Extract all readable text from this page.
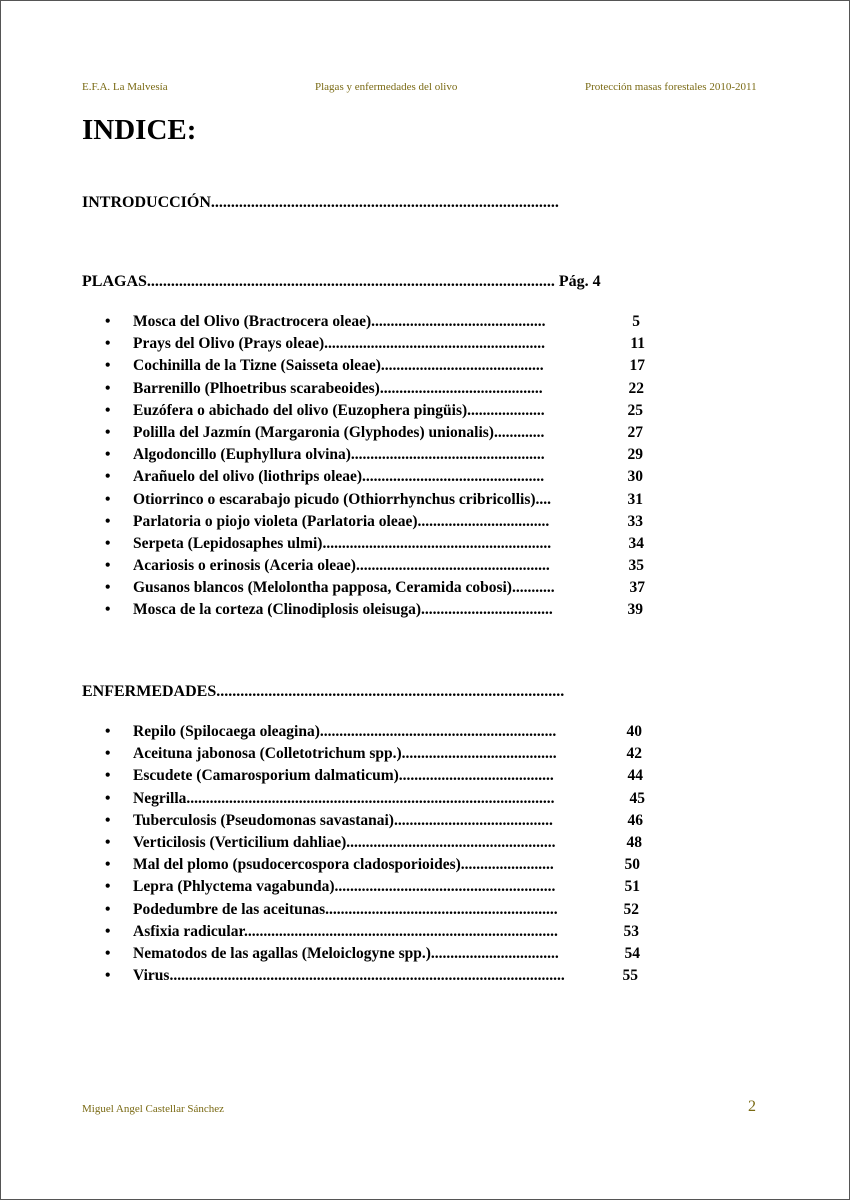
E.F.A. La Malvesía	Plagas y enfermedades del olivo	Protección masas forestales 2010-2011
INDICE:
INTRODUCCIÓN.......................................................................................
PLAGAS...................................................................................................... Pág. 4
• Mosca del Olivo (Bractrocera oleae).............................................	5
• Prays del Olivo (Prays oleae).........................................................	11
• Cochinilla de la Tizne (Saisseta oleae)..........................................	17
• Barrenillo (Plhoetribus scarabeoides)..........................................	22
• Euzófera o abichado del olivo (Euzophera pingüis)....................	25
• Polilla del Jazmín (Margaronia (Glyphodes) unionalis).............	27
• Algodoncillo (Euphyllura olvina)..................................................	29
• Arañuelo del olivo (liothrips oleae)...............................................	30
• Otiorrinco o escarabajo picudo (Othiorrhynchus cribricollis)....	31
• Parlatoria o piojo violeta (Parlatoria oleae)..................................	33
• Serpeta (Lepidosaphes ulmi)...........................................................	34
• Acariosis o erinosis (Aceria oleae)..................................................	35
• Gusanos blancos (Melolontha papposa, Ceramida cobosi)...........	37
• Mosca de la corteza (Clinodiplosis oleisuga)..................................	39
ENFERMEDADES.......................................................................................
• Repilo (Spilocaega oleagina).............................................................	40
• Aceituna jabonosa (Colletotrichum spp.)........................................	42
• Escudete (Camarosporium dalmaticum)........................................	44
• Negrilla...............................................................................................	45
• Tuberculosis (Pseudomonas savastanai).........................................	46
• Verticilosis (Verticilium dahliae)......................................................	48
• Mal del plomo (psudocercospora cladosporioides)........................	50
• Lepra (Phlyctema vagabunda).........................................................	51
• Podedumbre de las aceitunas............................................................	52
• Asfixia radicular.................................................................................	53
• Nematodos de las agallas (Meloiclogyne spp.).................................	54
• Virus......................................................................................................	55
Miguel Angel Castellar Sánchez	2
